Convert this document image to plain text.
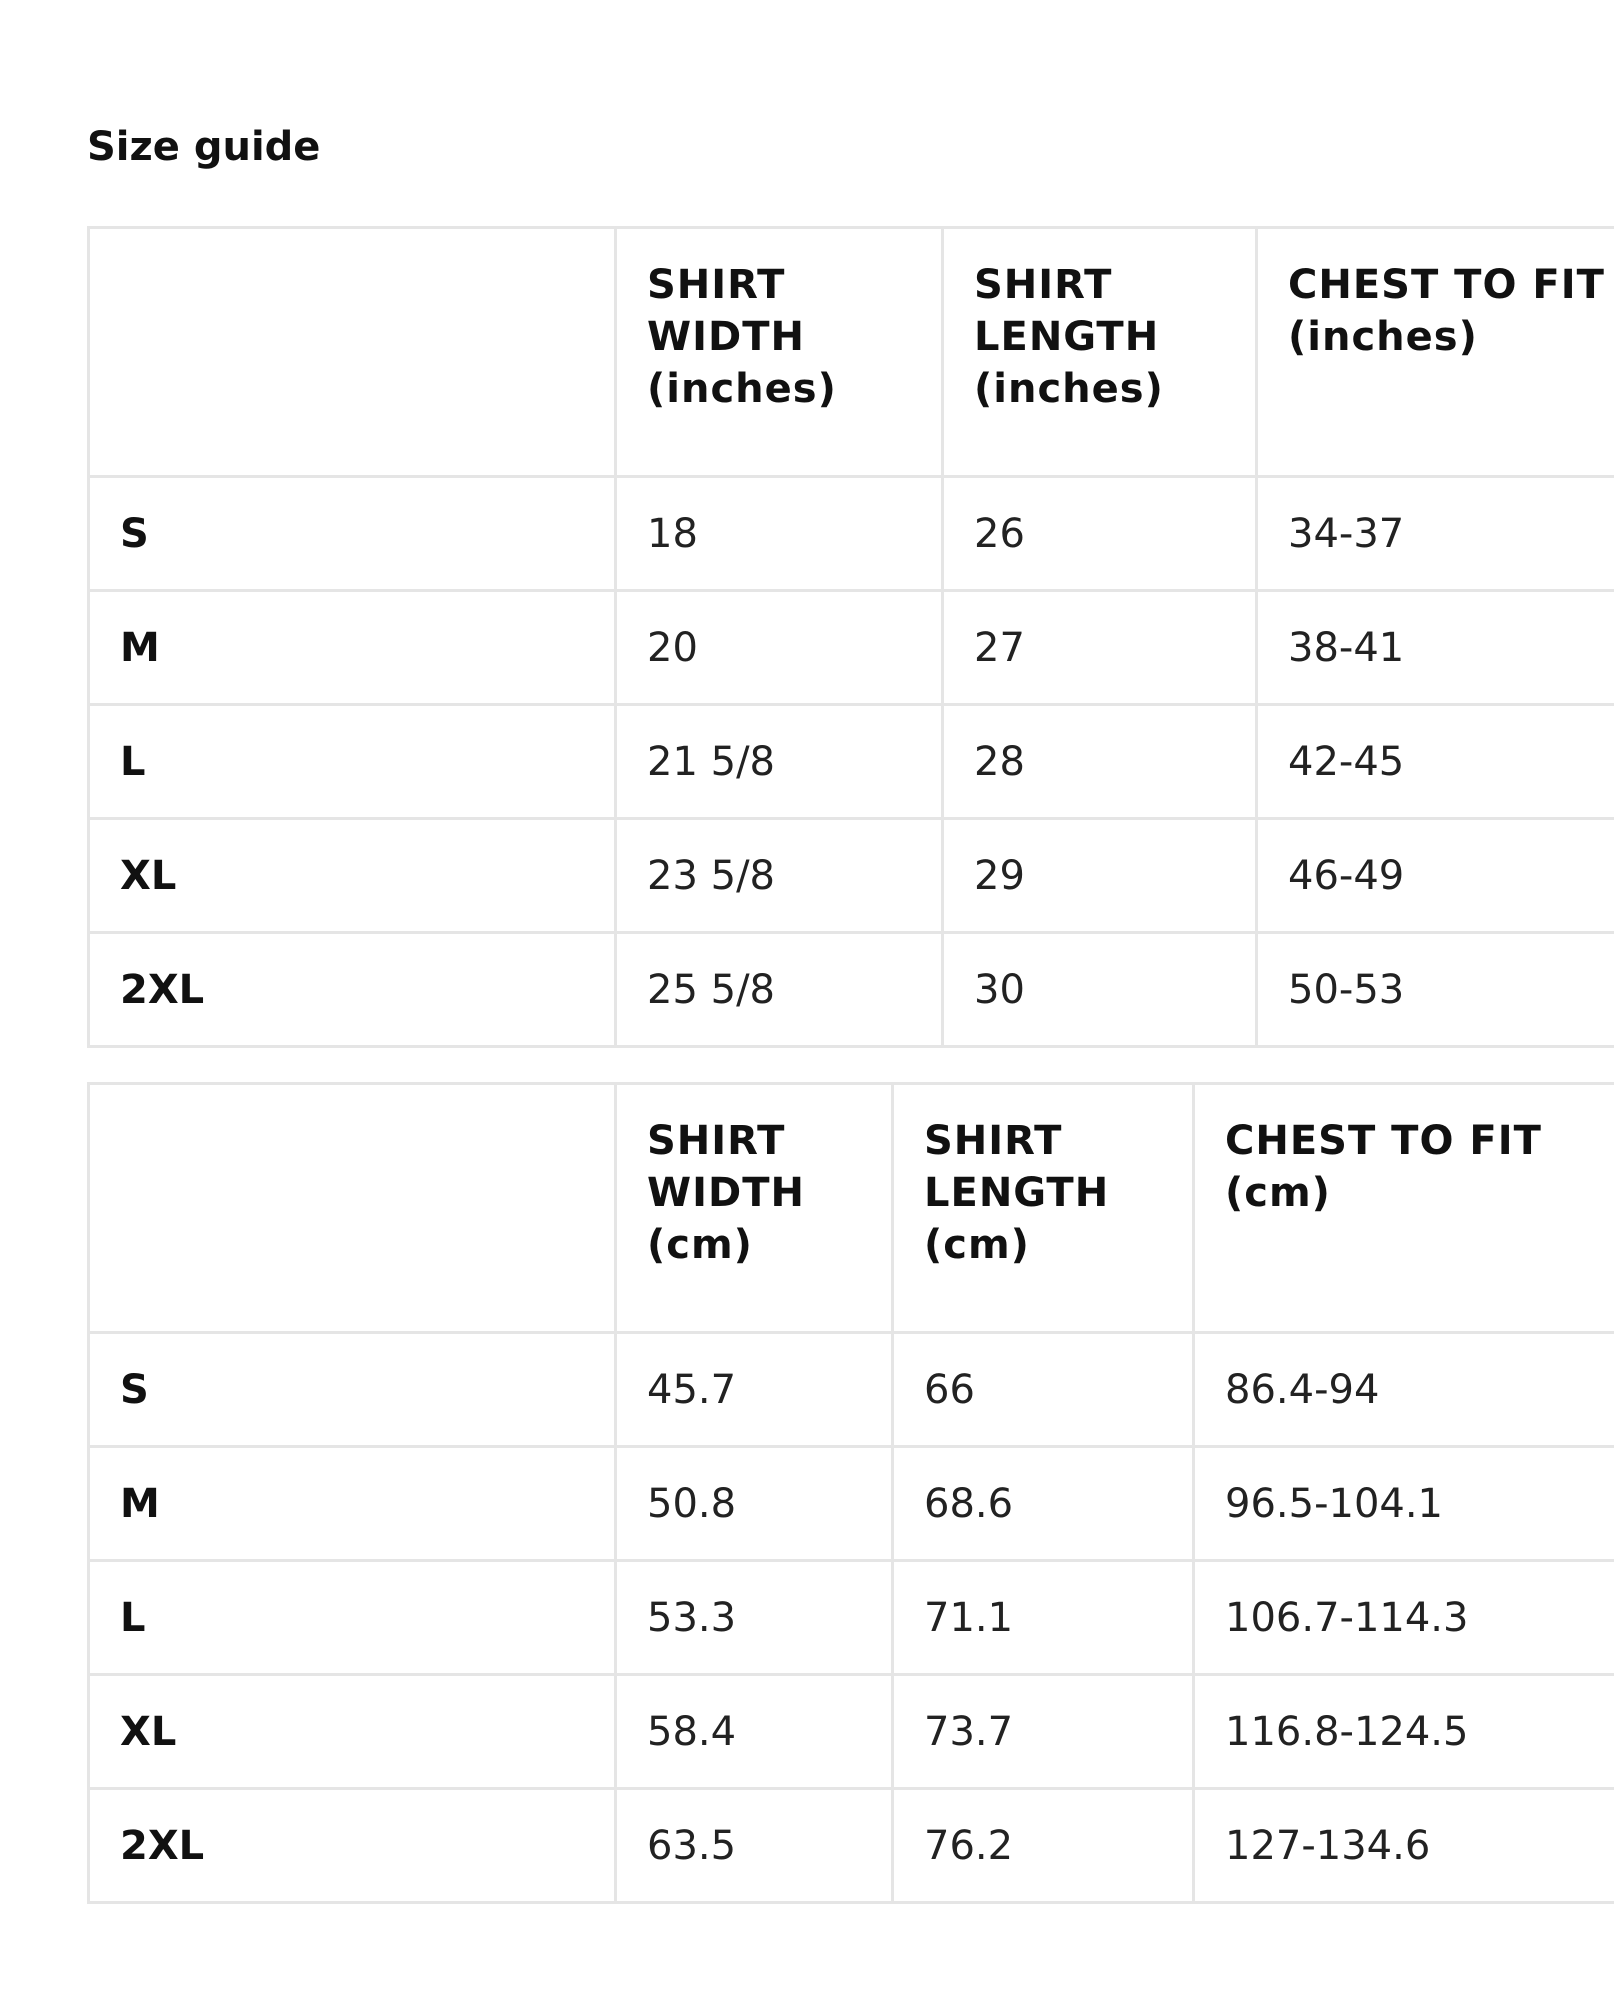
Size guide
	SHIRT WIDTH (inches)	SHIRT LENGTH (inches)	CHEST TO FIT (inches)
S	18	26	34-37
M	20	27	38-41
L	21 5/8	28	42-45
XL	23 5/8	29	46-49
2XL	25 5/8	30	50-53
	SHIRT WIDTH (cm)	SHIRT LENGTH (cm)	CHEST TO FIT (cm)
S	45.7	66	86.4-94
M	50.8	68.6	96.5-104.1
L	53.3	71.1	106.7-114.3
XL	58.4	73.7	116.8-124.5
2XL	63.5	76.2	127-134.6
